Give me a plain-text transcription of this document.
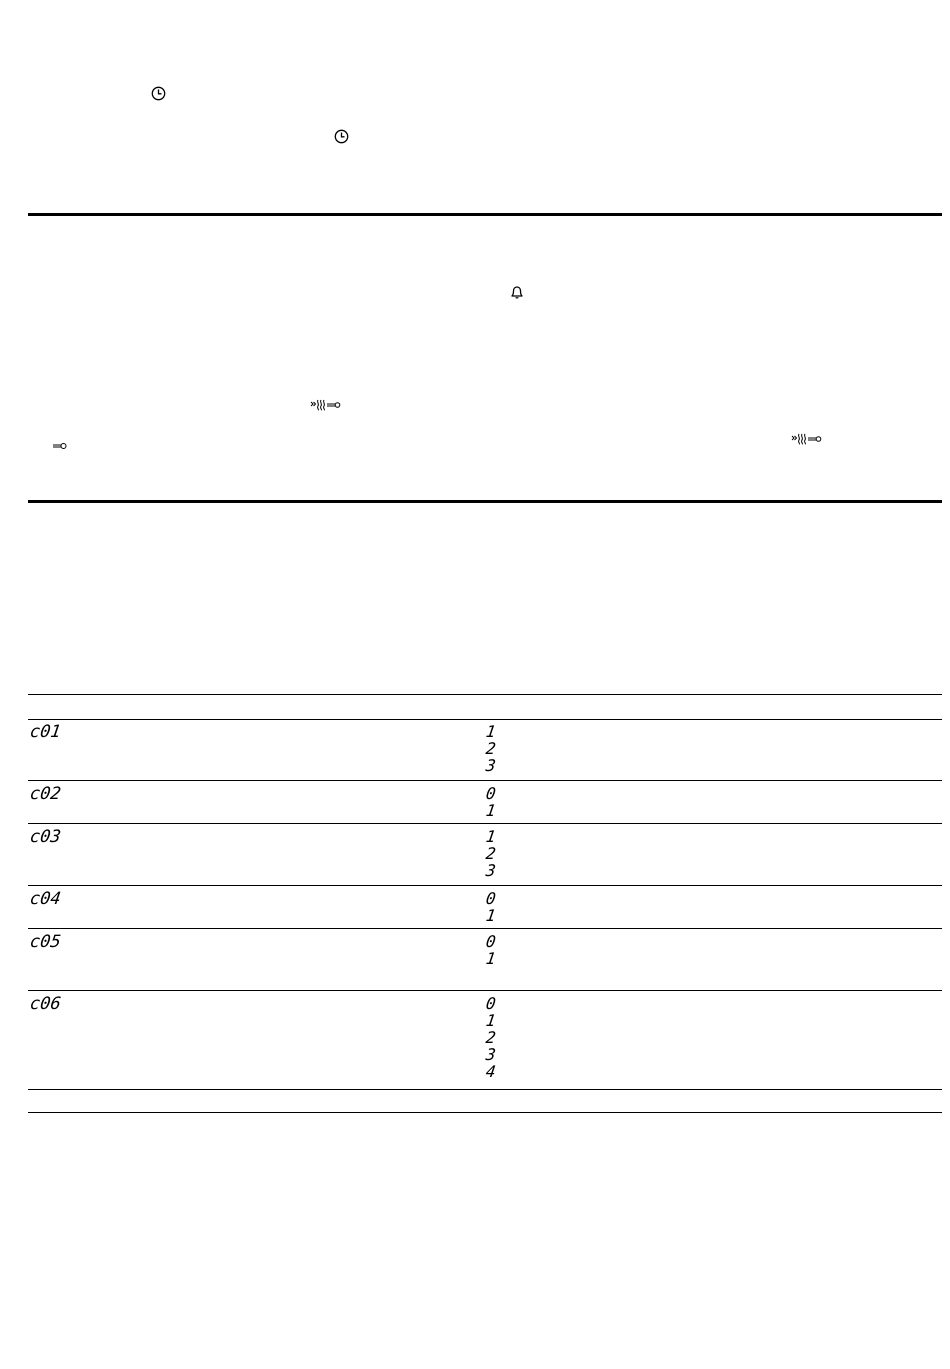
c01	1
2
3
c02	0
1
c03	1
2
3
c04	0
1
c05	0
1
c06	0
1
2
3
4
